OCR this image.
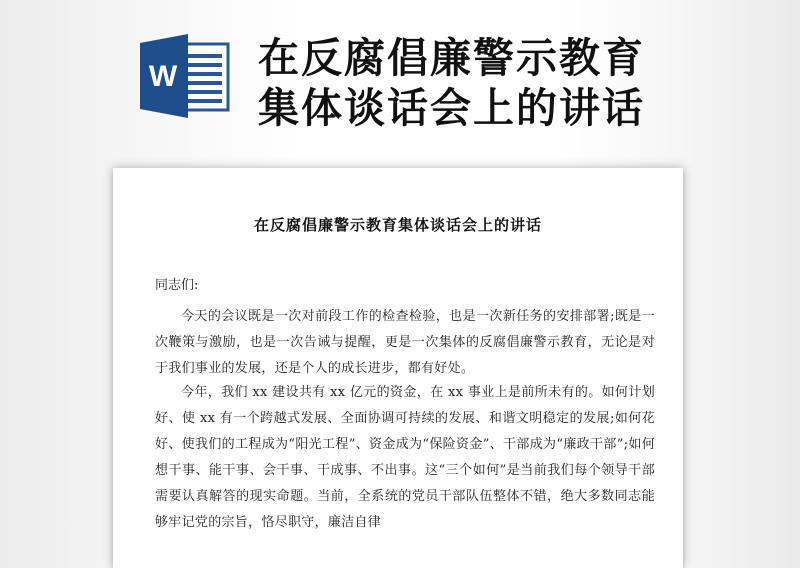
W 在反腐倡廉警示教育
集体谈话会上的讲话
在反腐倡廉警示教育集体谈话会上的讲话

同志们:

今天的会议既是一次对前段工作的检查检验，也是一次新任务的安排部署;既是一次鞭策与激励，也是一次告诫与提醒，更是一次集体的反腐倡廉警示教育，无论是对于我们事业的发展，还是个人的成长进步，都有好处。

今年，我们 xx 建设共有 xx 亿元的资金，在 xx 事业上是前所未有的。如何计划好、使 xx 有一个跨越式发展、全面协调可持续的发展、和谐文明稳定的发展;如何花好、使我们的工程成为“阳光工程”、资金成为“保险资金”、干部成为“廉政干部”;如何想干事、能干事、会干事、干成事、不出事。这“三个如何”是当前我们每个领导干部需要认真解答的现实命题。当前，全系统的党员干部队伍整体不错，绝大多数同志能够牢记党的宗旨，恪尽职守，廉洁自律
